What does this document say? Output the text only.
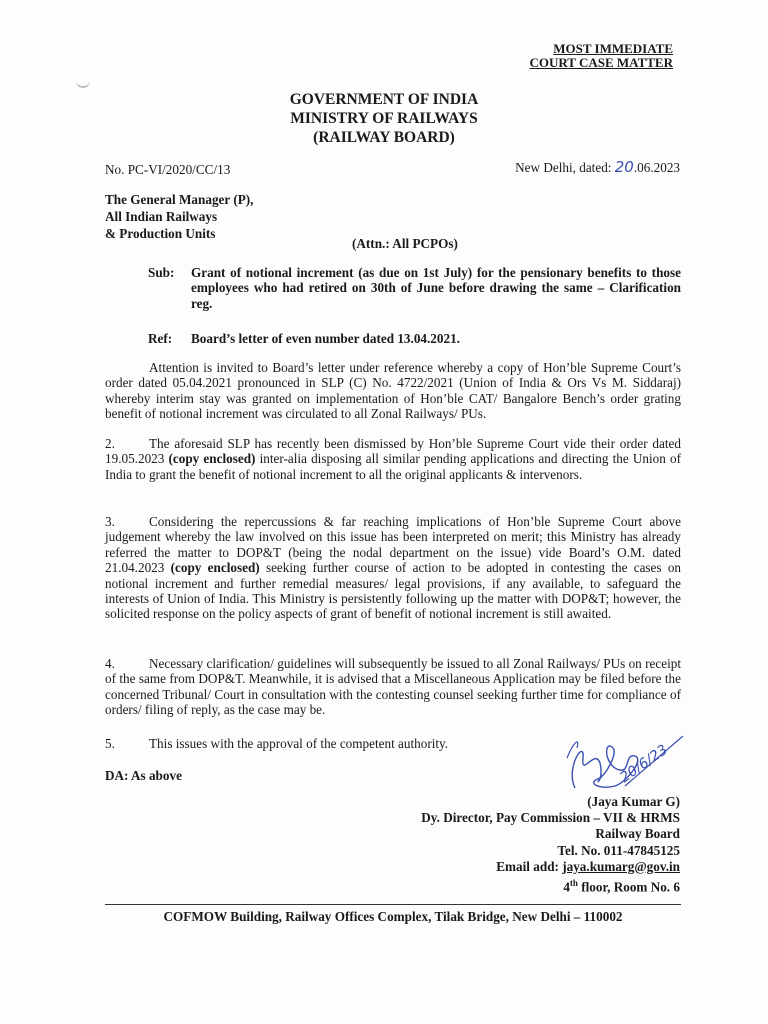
MOST IMMEDIATE
COURT CASE MATTER
GOVERNMENT OF INDIA
MINISTRY OF RAILWAYS
(RAILWAY BOARD)
No. PC-VI/2020/CC/13	New Delhi, dated: 20.06.2023
The General Manager (P),
All Indian Railways
& Production Units
(Attn.: All PCPOs)
Sub: Grant of notional increment (as due on 1st July) for the pensionary benefits to those employees who had retired on 30th of June before drawing the same – Clarification reg.
Ref: Board’s letter of even number dated 13.04.2021.
Attention is invited to Board’s letter under reference whereby a copy of Hon’ble Supreme Court’s order dated 05.04.2021 pronounced in SLP (C) No. 4722/2021 (Union of India & Ors Vs M. Siddaraj) whereby interim stay was granted on implementation of Hon’ble CAT/ Bangalore Bench’s order grating benefit of notional increment was circulated to all Zonal Railways/ PUs.
2.	The aforesaid SLP has recently been dismissed by Hon’ble Supreme Court vide their order dated 19.05.2023 (copy enclosed) inter-alia disposing all similar pending applications and directing the Union of India to grant the benefit of notional increment to all the original applicants & intervenors.
3.	Considering the repercussions & far reaching implications of Hon’ble Supreme Court above judgement whereby the law involved on this issue has been interpreted on merit; this Ministry has already referred the matter to DOP&T (being the nodal department on the issue) vide Board’s O.M. dated 21.04.2023 (copy enclosed) seeking further course of action to be adopted in contesting the cases on notional increment and further remedial measures/ legal provisions, if any available, to safeguard the interests of Union of India. This Ministry is persistently following up the matter with DOP&T; however, the solicited response on the policy aspects of grant of benefit of notional increment is still awaited.
4.	Necessary clarification/ guidelines will subsequently be issued to all Zonal Railways/ PUs on receipt of the same from DOP&T. Meanwhile, it is advised that a Miscellaneous Application may be filed before the concerned Tribunal/ Court in consultation with the contesting counsel seeking further time for compliance of orders/ filing of reply, as the case may be.
5.	This issues with the approval of the competent authority.
DA: As above	20/6/23
(Jaya Kumar G)
Dy. Director, Pay Commission – VII & HRMS
Railway Board
Tel. No. 011-47845125
Email add: jaya.kumarg@gov.in
4th floor, Room No. 6
COFMOW Building, Railway Offices Complex, Tilak Bridge, New Delhi – 110002
